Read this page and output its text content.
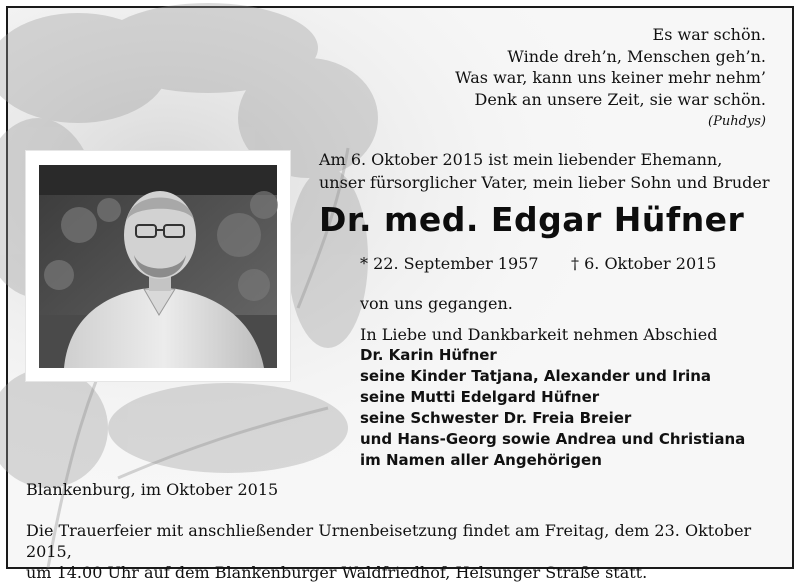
Es war schön.
Winde dreh’n, Menschen geh’n.
Was war, kann uns keiner mehr nehm’
Denk an unsere Zeit, sie war schön.
(Puhdys)
Am 6. Oktober 2015 ist mein liebender Ehemann,
unser fürsorglicher Vater, mein lieber Sohn und Bruder
Dr. med. Edgar Hüfner
* 22. September 1957 † 6. Oktober 2015
von uns gegangen.
In Liebe und Dankbarkeit nehmen Abschied
Dr. Karin Hüfner
seine Kinder Tatjana, Alexander und Irina
seine Mutti Edelgard Hüfner
seine Schwester Dr. Freia Breier
und Hans-Georg sowie Andrea und Christiana
im Namen aller Angehörigen
Blankenburg, im Oktober 2015
Die Trauerfeier mit anschließender Urnenbeisetzung findet am Freitag, dem 23. Oktober 2015,
um 14.00 Uhr auf dem Blankenburger Waldfriedhof, Helsunger Straße statt.
